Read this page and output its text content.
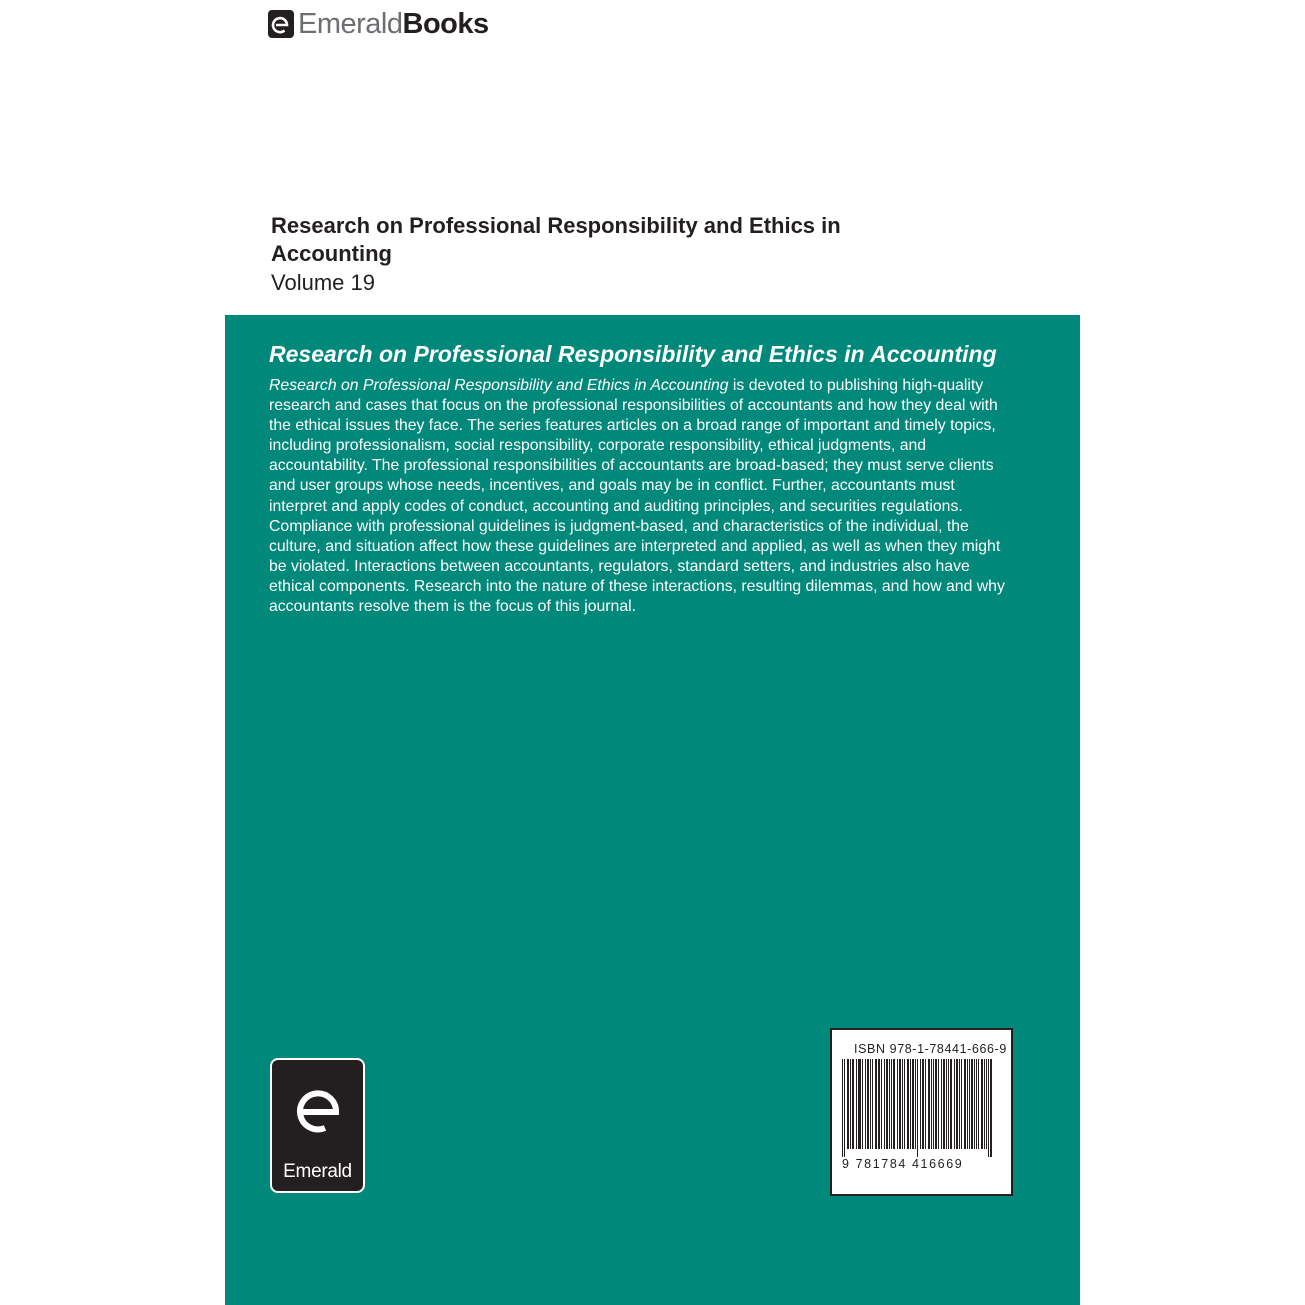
Emerald Books
Research on Professional Responsibility and Ethics in Accounting

Volume 19

Research on Professional Responsibility and Ethics in Accounting

Research on Professional Responsibility and Ethics in Accounting is devoted to publishing high-quality research and cases that focus on the professional responsibilities of accountants and how they deal with the ethical issues they face. The series features articles on a broad range of important and timely topics, including professionalism, social responsibility, corporate responsibility, ethical judgments, and accountability. The professional responsibilities of accountants are broad-based; they must serve clients and user groups whose needs, incentives, and goals may be in conflict. Further, accountants must interpret and apply codes of conduct, accounting and auditing principles, and securities regulations. Compliance with professional guidelines is judgment-based, and characteristics of the individual, the culture, and situation affect how these guidelines are interpreted and applied, as well as when they might be violated. Interactions between accountants, regulators, standard setters, and industries also have ethical components. Research into the nature of these interactions, resulting dilemmas, and how and why accountants resolve them is the focus of this journal.

Emerald
ISBN 978-1-78441-666-9
9 781784 416669
